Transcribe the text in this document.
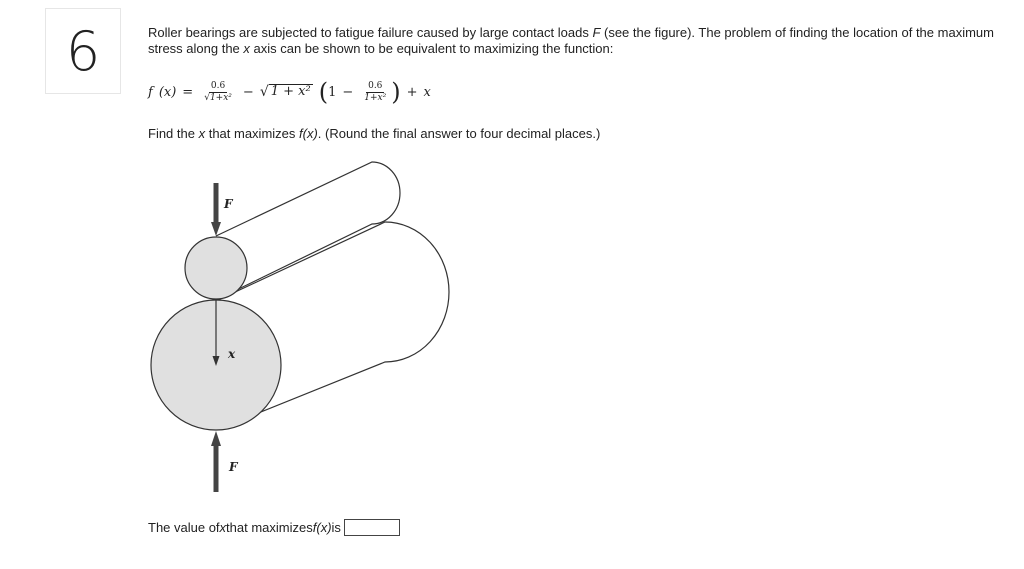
6	Roller bearings are subjected to fatigue failure caused by large contact loads F (see the figure). The problem of finding the location of the maximum stress along the x axis can be shown to be equivalent to maximizing the function:
f $(x) = \frac{0.6}{\text{√1+x²}}$ − √ 1 + x² ( $1 - \frac{0.6}{\text{1+x²}}$ ) + x
Find the x that maximizes f(x). (Round the final answer to four decimal places.)
F
x
F
The value of x that maximizes f(x) is
